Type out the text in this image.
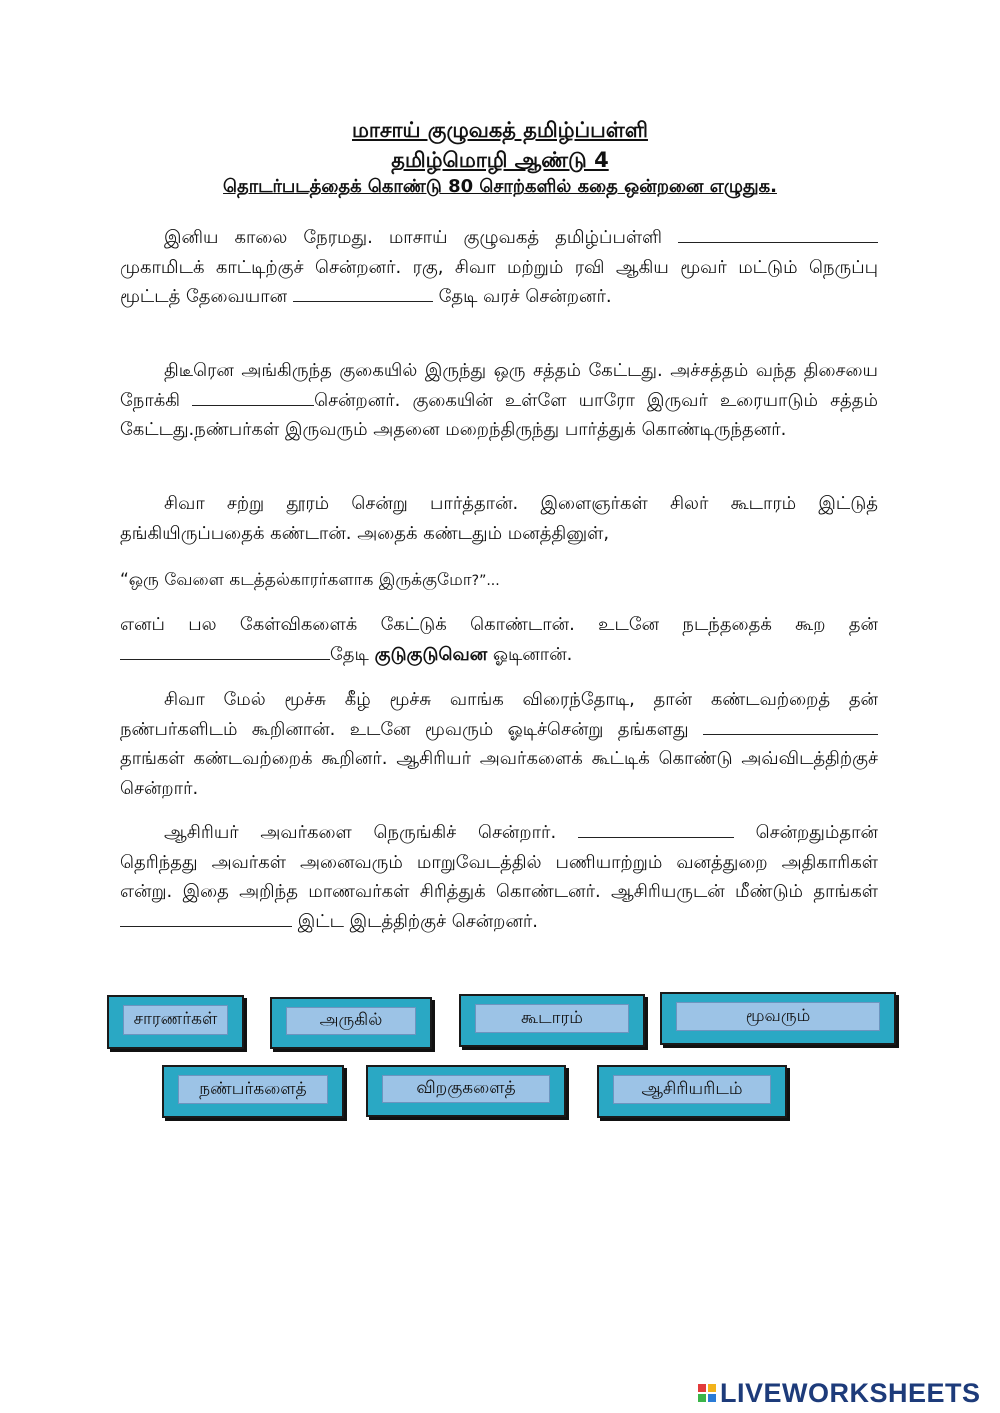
மாசாய் குழுவகத் தமிழ்ப்பள்ளி
தமிழ்மொழி ஆண்டு 4
தொடர்படத்தைக் கொண்டு 80 சொற்களில் கதை ஒன்றனை எழுதுக.

இனிய காலை நேரமது. மாசாய் குழுவகத் தமிழ்ப்பள்ளி  முகாமிடக் காட்டிற்குச் சென்றனர். ரகு, சிவா மற்றும் ரவி ஆகிய மூவர் மட்டும் நெருப்பு மூட்டத் தேவையான	தேடி வரச் சென்றனர்.

திடீரென அங்கிருந்த குகையில் இருந்து ஒரு சத்தம் கேட்டது. அச்சத்தம் வந்த திசையை நோக்கி	சென்றனர். குகையின் உள்ளே யாரோ இருவர் உரையாடும் சத்தம் கேட்டது.நண்பர்கள் இருவரும் அதனை மறைந்திருந்து பார்த்துக் கொண்டிருந்தனர்.

சிவா சற்று தூரம் சென்று பார்த்தான். இளைஞர்கள் சிலர் கூடாரம் இட்டுத் தங்கியிருப்பதைக் கண்டான். அதைக் கண்டதும் மனத்தினுள்,

“ஒரு வேளை கடத்தல்காரர்களாக இருக்குமோ?”...

எனப் பல கேள்விகளைக் கேட்டுக் கொண்டான். உடனே நடந்ததைக் கூற தன் தேடி குடுகுடுவென ஓடினான்.

சிவா மேல் மூச்சு கீழ் மூச்சு வாங்க விரைந்தோடி, தான் கண்டவற்றைத் தன் நண்பர்களிடம் கூறினான். உடனே மூவரும் ஓடிச்சென்று தங்களது  தாங்கள் கண்டவற்றைக் கூறினர். ஆசிரியர் அவர்களைக் கூட்டிக் கொண்டு அவ்விடத்திற்குச் சென்றார்.

ஆசிரியர் அவர்களை நெருங்கிச் சென்றார்.	சென்றதும்தான் தெரிந்தது அவர்கள் அனைவரும் மாறுவேடத்தில் பணியாற்றும் வனத்துறை அதிகாரிகள் என்று. இதை அறிந்த மாணவர்கள் சிரித்துக் கொண்டனர். ஆசிரியருடன் மீண்டும் தாங்கள்  இட்ட இடத்திற்குச் சென்றனர்.

சாரணர்கள்	அருகில்	கூடாரம்	மூவரும்
நண்பர்களைத்	விறகுகளைத்	ஆசிரியரிடம்
LIVEWORKSHEETS
